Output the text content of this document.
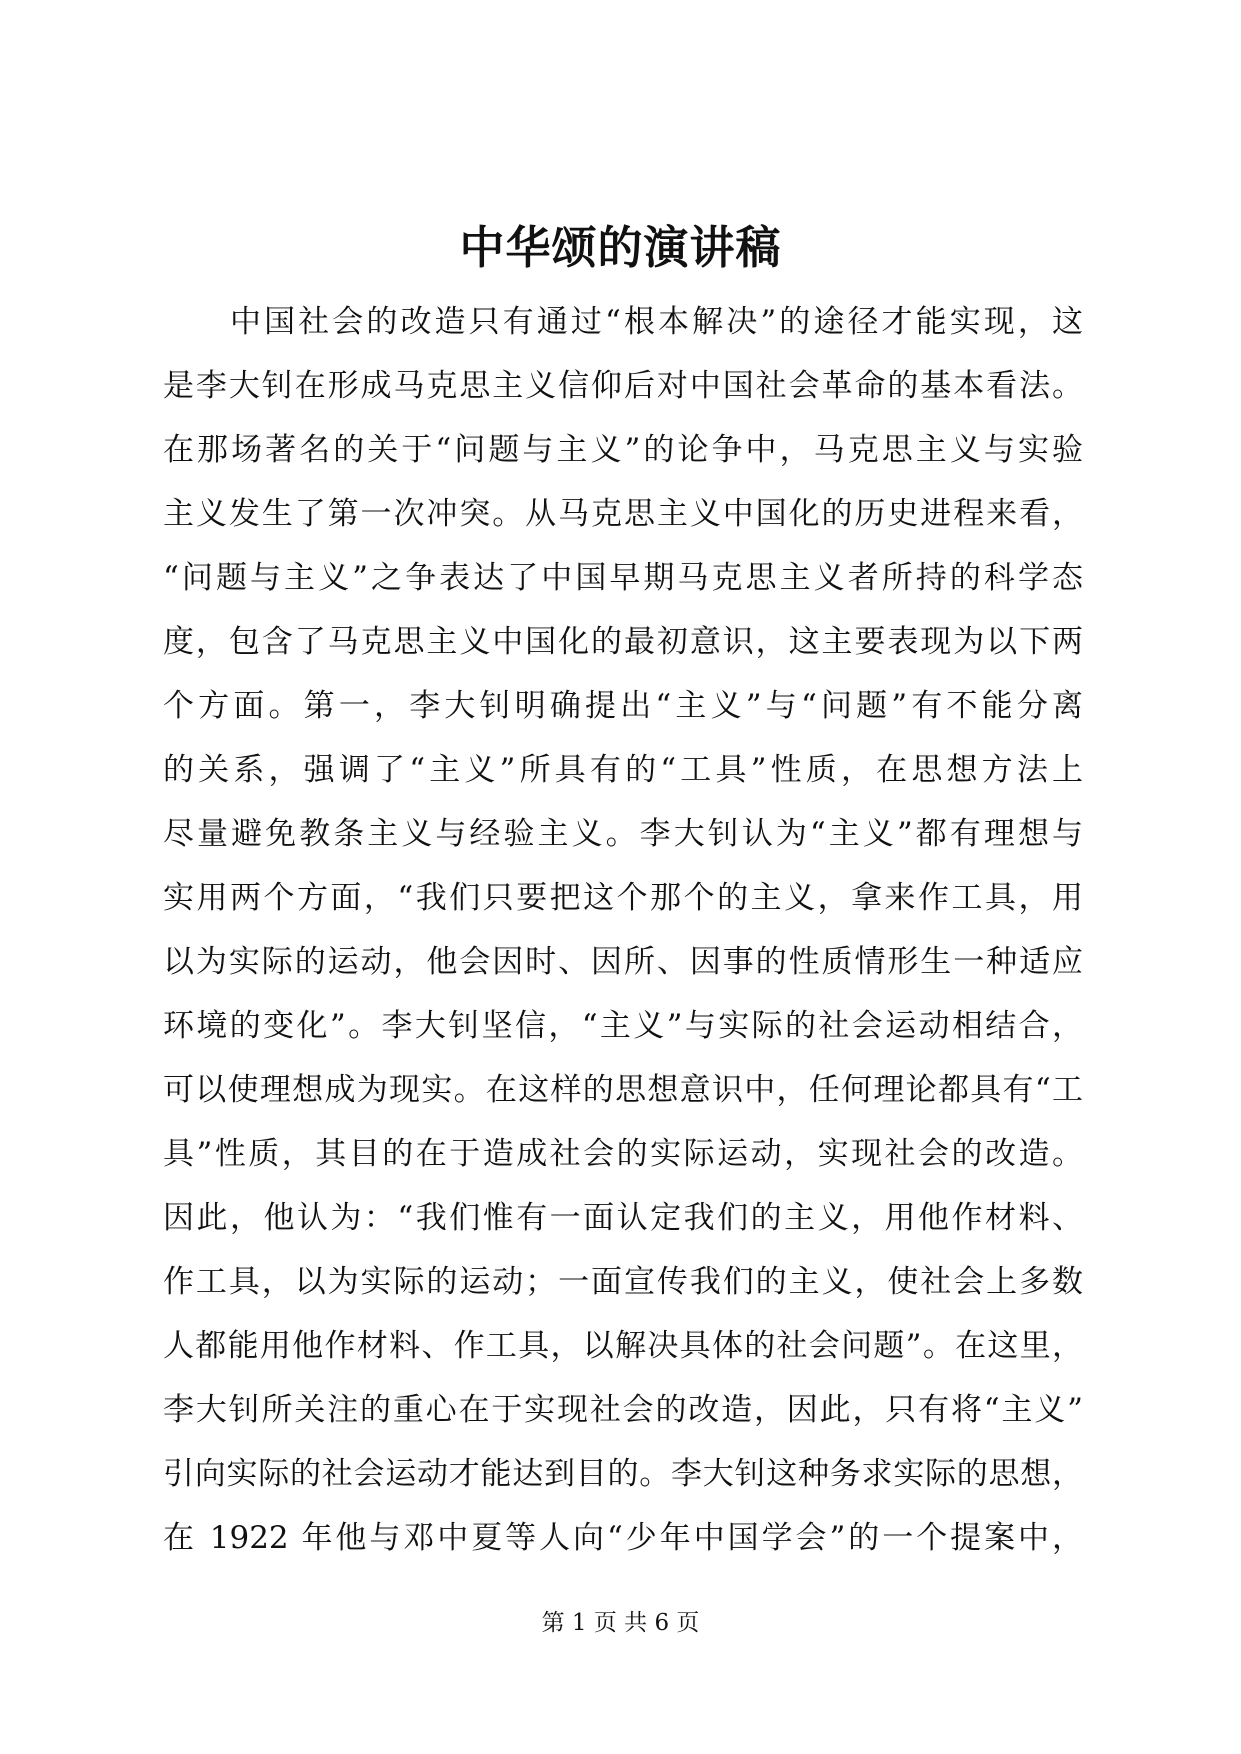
中华颂的演讲稿
中国社会的改造只有通过“根本解决”的途径才能实现，这
是李大钊在形成马克思主义信仰后对中国社会革命的基本看法。
在那场著名的关于“问题与主义”的论争中，马克思主义与实验
主义发生了第一次冲突。从马克思主义中国化的历史进程来看，
“问题与主义”之争表达了中国早期马克思主义者所持的科学态
度，包含了马克思主义中国化的最初意识，这主要表现为以下两
个方面。第一，李大钊明确提出“主义”与“问题”有不能分离
的关系，强调了“主义”所具有的“工具”性质，在思想方法上
尽量避免教条主义与经验主义。李大钊认为“主义”都有理想与
实用两个方面，“我们只要把这个那个的主义，拿来作工具，用
以为实际的运动，他会因时、因所、因事的性质情形生一种适应
环境的变化”。李大钊坚信，“主义”与实际的社会运动相结合，
可以使理想成为现实。在这样的思想意识中，任何理论都具有“工
具”性质，其目的在于造成社会的实际运动，实现社会的改造。
因此，他认为：“我们惟有一面认定我们的主义，用他作材料、
作工具，以为实际的运动；一面宣传我们的主义，使社会上多数
人都能用他作材料、作工具，以解决具体的社会问题”。在这里，
李大钊所关注的重心在于实现社会的改造，因此，只有将“主义”
引向实际的社会运动才能达到目的。李大钊这种务求实际的思想，
在 1922 年他与邓中夏等人向“少年中国学会”的一个提案中，
第 1 页 共 6 页
